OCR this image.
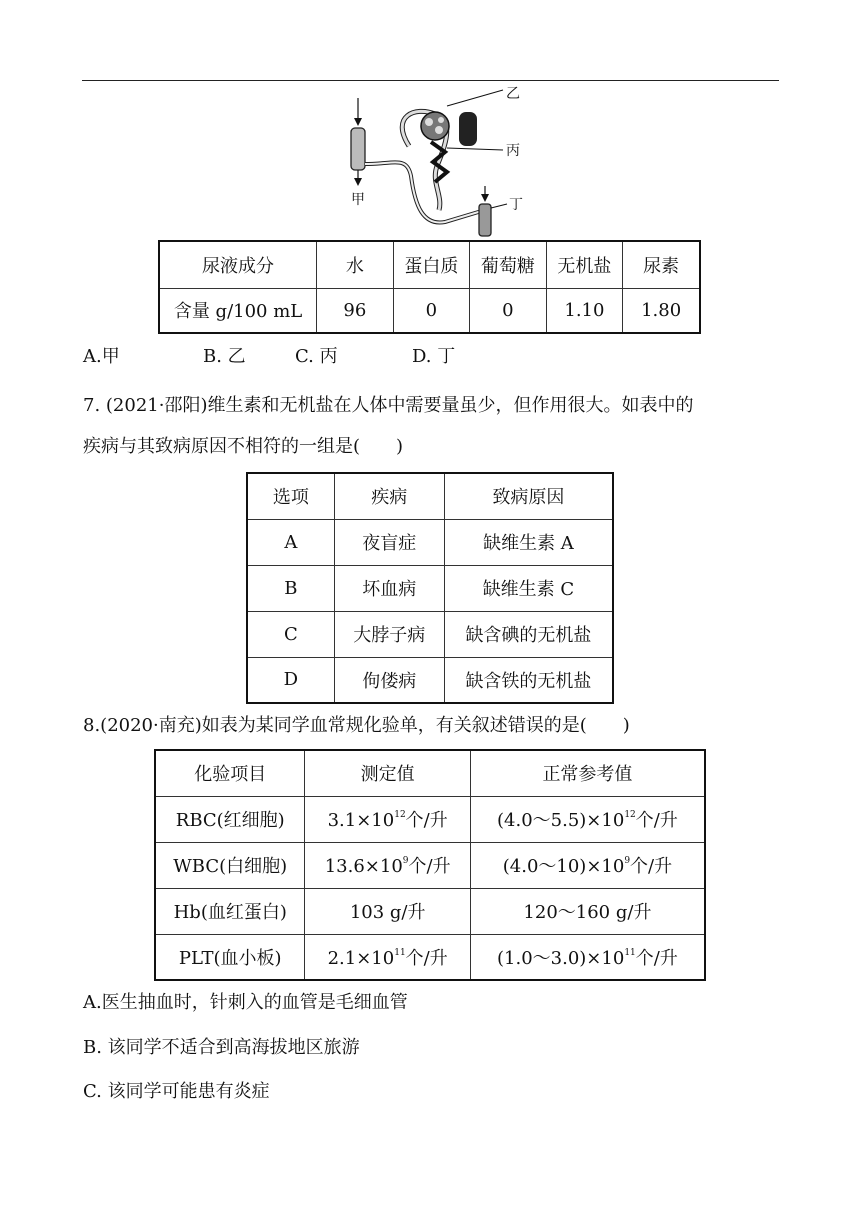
甲
乙
丙
丁
尿液成分	水	蛋白质	葡萄糖	无机盐	尿素
含量 g/100 mL	96	0	0	1.10	1.80
A.甲	B. 乙	C. 丙	D. 丁
7. (2021·邵阳)维生素和无机盐在人体中需要量虽少，但作用很大。如表中的
疾病与其致病原因不相符的一组是(　　)
选项	疾病	致病原因
A	夜盲症	缺维生素 A
B	坏血病	缺维生素 C
C	大脖子病	缺含碘的无机盐
D	佝偻病	缺含铁的无机盐
8.(2020·南充)如表为某同学血常规化验单，有关叙述错误的是(　　)
化验项目	测定值	正常参考值
RBC(红细胞)	$3.1\times 10^{12}$个/升	$(4.0\sim 5.5)\times 10^{12}$个/升
WBC(白细胞)	$13.6\times 10^9$个/升	$(4.0\sim 10)\times 10^9$个/升
Hb(血红蛋白)	103 g/升	120～160 g/升
PLT(血小板)	$2.1\times 10^{11}$个/升	$(1.0\sim 3.0)\times 10^{11}$个/升
A.医生抽血时，针刺入的血管是毛细血管
B. 该同学不适合到高海拔地区旅游
C. 该同学可能患有炎症
